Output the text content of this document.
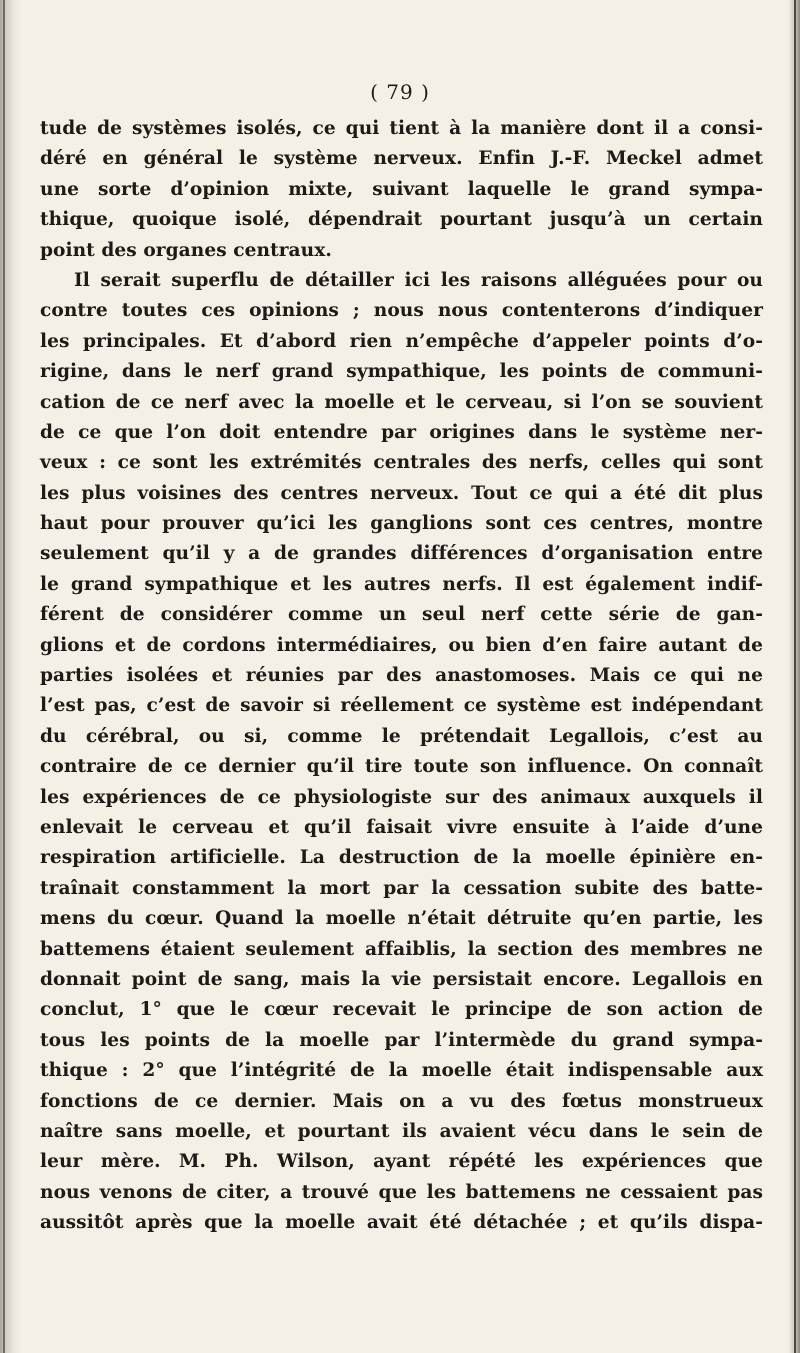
( 79 )
tude de systèmes isolés, ce qui tient à la manière dont il a consi-
déré en général le système nerveux. Enfin J.-F. Meckel admet
une sorte d’opinion mixte, suivant laquelle le grand sympa-
thique, quoique isolé, dépendrait pourtant jusqu’à un certain
point des organes centraux.
Il serait superflu de détailler ici les raisons alléguées pour ou
contre toutes ces opinions ; nous nous contenterons d’indiquer
les principales. Et d’abord rien n’empêche d’appeler points d’o-
rigine, dans le nerf grand sympathique, les points de communi-
cation de ce nerf avec la moelle et le cerveau, si l’on se souvient
de ce que l’on doit entendre par origines dans le système ner-
veux : ce sont les extrémités centrales des nerfs, celles qui sont
les plus voisines des centres nerveux. Tout ce qui a été dit plus
haut pour prouver qu’ici les ganglions sont ces centres, montre
seulement qu’il y a de grandes différences d’organisation entre
le grand sympathique et les autres nerfs. Il est également indif-
férent de considérer comme un seul nerf cette série de gan-
glions et de cordons intermédiaires, ou bien d’en faire autant de
parties isolées et réunies par des anastomoses. Mais ce qui ne
l’est pas, c’est de savoir si réellement ce système est indépendant
du cérébral, ou si, comme le prétendait Legallois, c’est au
contraire de ce dernier qu’il tire toute son influence. On connaît
les expériences de ce physiologiste sur des animaux auxquels il
enlevait le cerveau et qu’il faisait vivre ensuite à l’aide d’une
respiration artificielle. La destruction de la moelle épinière en-
traînait constamment la mort par la cessation subite des batte-
mens du cœur. Quand la moelle n’était détruite qu’en partie, les
battemens étaient seulement affaiblis, la section des membres ne
donnait point de sang, mais la vie persistait encore. Legallois en
conclut, 1° que le cœur recevait le principe de son action de
tous les points de la moelle par l’intermède du grand sympa-
thique : 2° que l’intégrité de la moelle était indispensable aux
fonctions de ce dernier. Mais on a vu des fœtus monstrueux
naître sans moelle, et pourtant ils avaient vécu dans le sein de
leur mère. M. Ph. Wilson, ayant répété les expériences que
nous venons de citer, a trouvé que les battemens ne cessaient pas
aussitôt après que la moelle avait été détachée ; et qu’ils dispa-
